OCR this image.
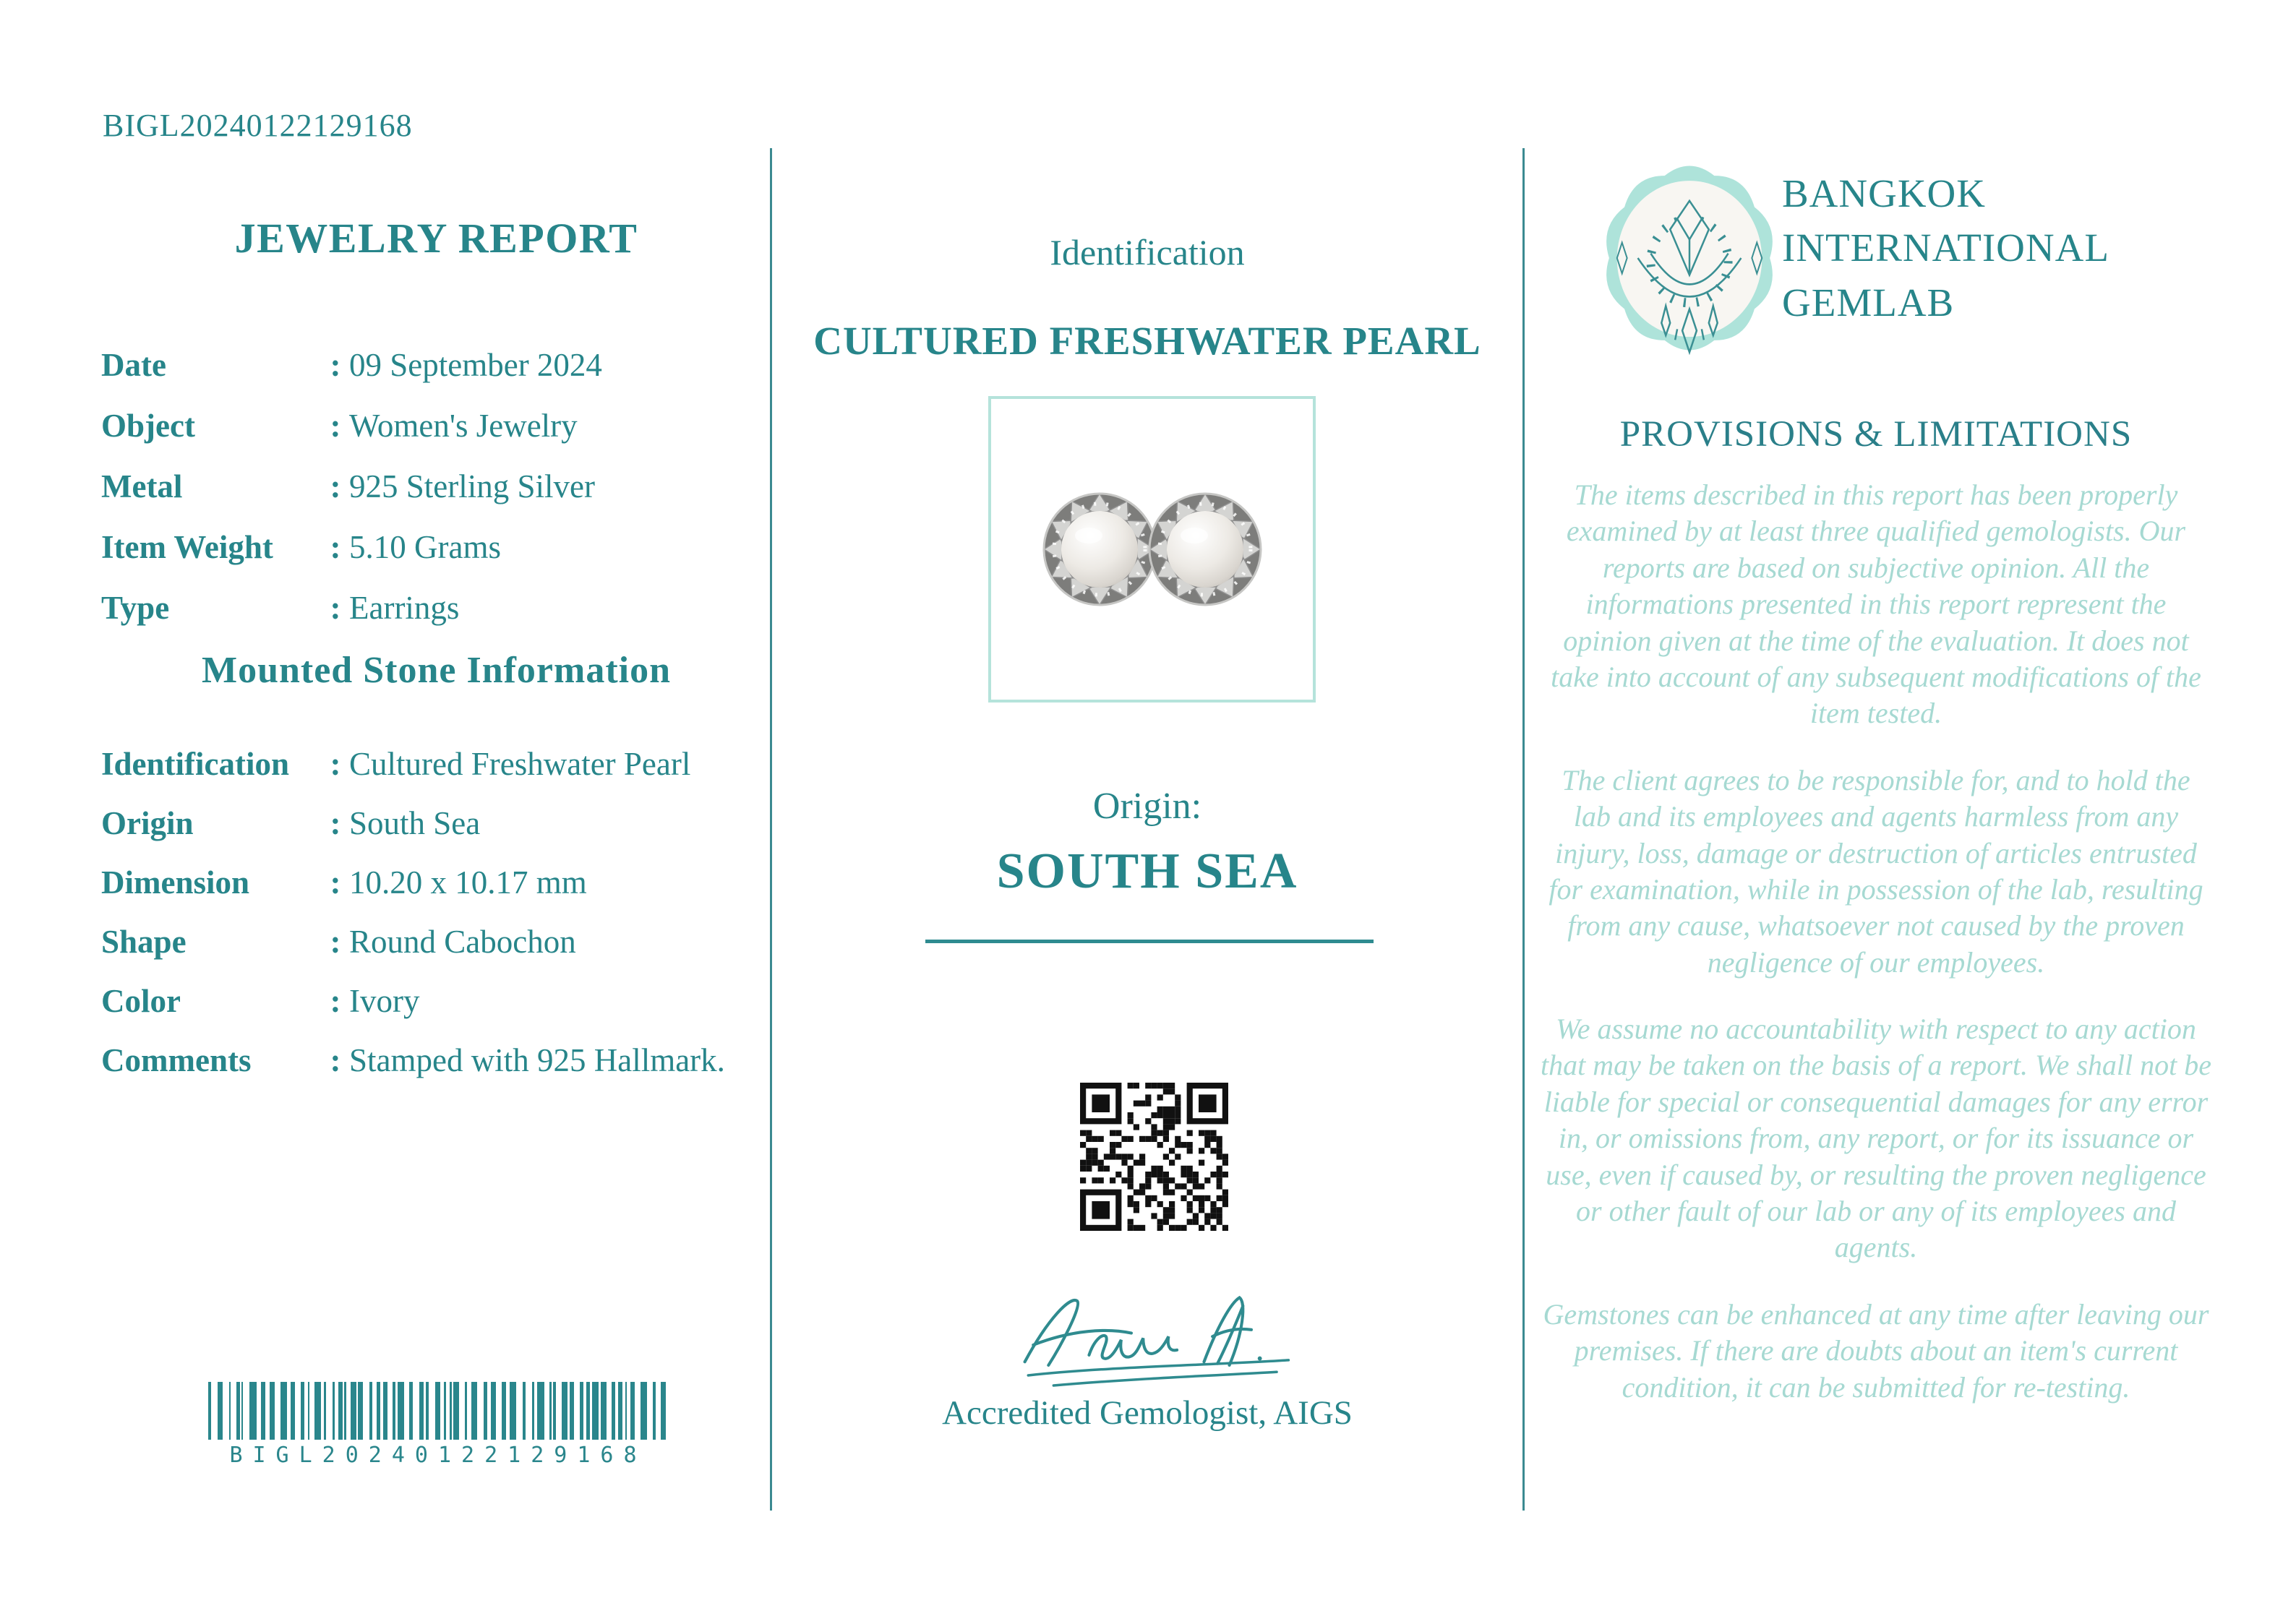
BIGL20240122129168
JEWELRY REPORT
Date :	09 September 2024
Object :	Women's Jewelry
Metal :	925 Sterling Silver
Item Weight :	5.10 Grams
Type :	Earrings
Mounted Stone Information
Identification :	Cultured Freshwater Pearl
Origin :	South Sea
Dimension :	10.20 x 10.17 mm
Shape :	Round Cabochon
Color :	Ivory
Comments :	Stamped with 925 Hallmark.
BIGL20240122129168
Identification
CULTURED FRESHWATER PEARL
Origin:
SOUTH SEA
Accredited Gemologist, AIGS
BANGKOK
INTERNATIONAL
GEMLAB
PROVISIONS & LIMITATIONS

The items described in this report has been properly examined by at least three qualified gemologists. Our reports are based on subjective opinion. All the informations presented in this report represent the opinion given at the time of the evaluation. It does not take into account of any subsequent modifications of the item tested.

The client agrees to be responsible for, and to hold the lab and its employees and agents harmless from any injury, loss, damage or destruction of articles entrusted for examination, while in possession of the lab, resulting from any cause, whatsoever not caused by the proven negligence of our employees.

We assume no accountability with respect to any action that may be taken on the basis of a report. We shall not be liable for special or consequential damages for any error in, or omissions from, any report, or for its issuance or use, even if caused by, or resulting the proven negligence or other fault of our lab or any of its employees and agents.

Gemstones can be enhanced at any time after leaving our premises. If there are doubts about an item's current condition, it can be submitted for re-testing.
